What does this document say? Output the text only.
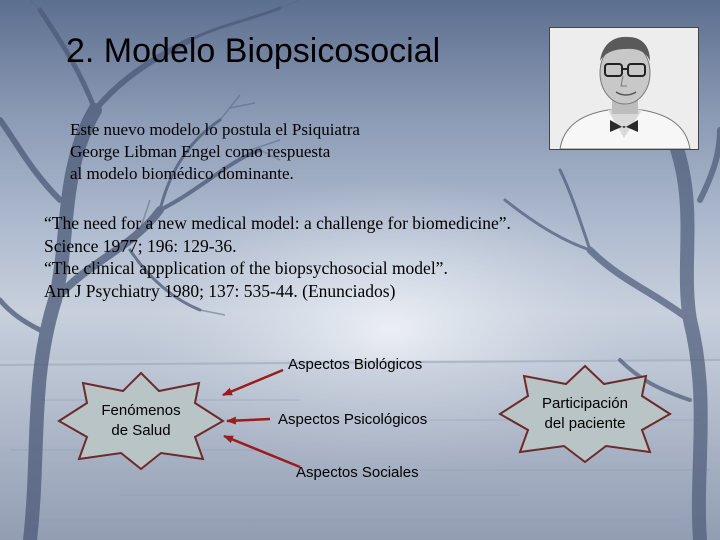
2. Modelo Biopsicosocial

Este nuevo modelo lo postula el Psiquiatra
George Libman Engel como respuesta
al modelo biomédico dominante.

“The need for a new medical model: a challenge for biomedicine”.
Science 1977; 196: 129-36.
“The clinical appplication of the biopsychosocial model”.
Am J Psychiatry 1980; 137: 535-44. (Enunciados)

Aspectos Biológicos
Aspectos Psicológicos
Aspectos Sociales
Fenómenos
de Salud
Participación
del paciente
